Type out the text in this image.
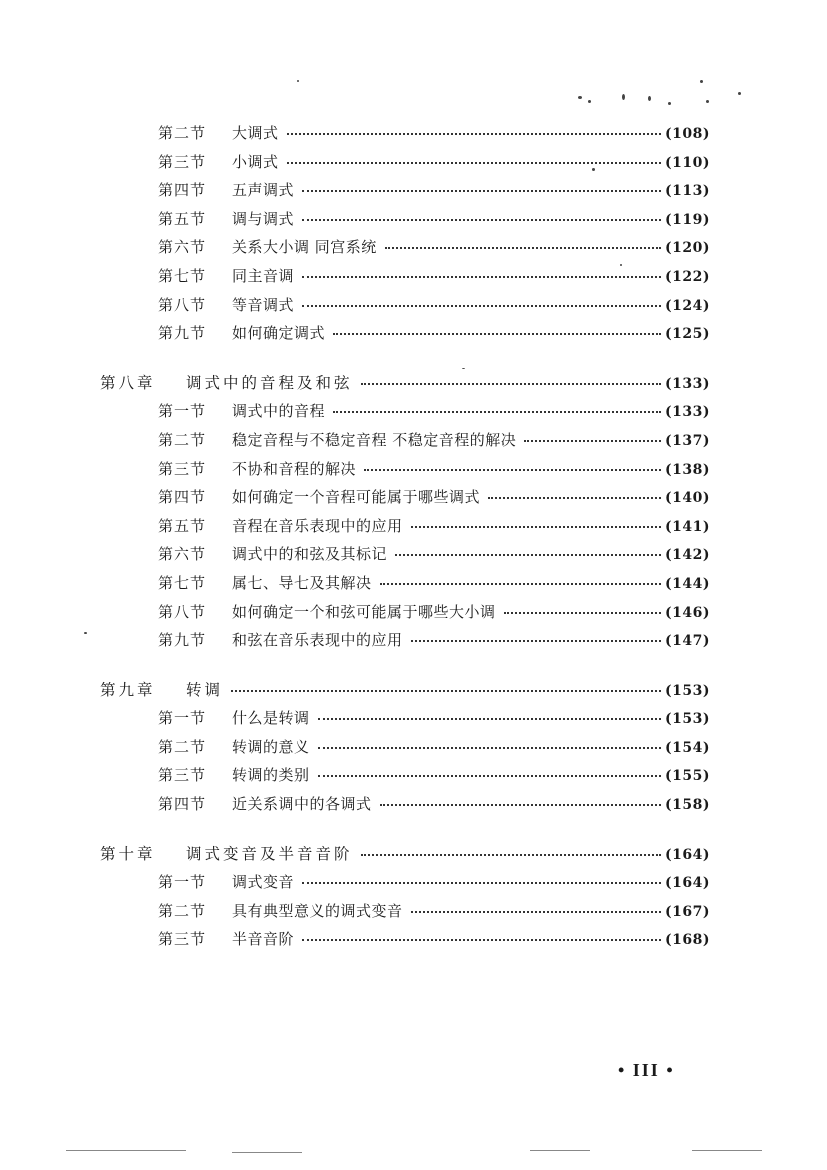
第二节	大调式	(108)
第三节	小调式	(110)
第四节	五声调式	(113)
第五节	调与调式	(119)
第六节	关系大小调 同宫系统	(120)
第七节	同主音调	(122)
第八节	等音调式	(124)
第九节	如何确定调式	(125)
第八章	调式中的音程及和弦	(133)
第一节	调式中的音程	(133)
第二节	稳定音程与不稳定音程 不稳定音程的解决	(137)
第三节	不协和音程的解决	(138)
第四节	如何确定一个音程可能属于哪些调式	(140)
第五节	音程在音乐表现中的应用	(141)
第六节	调式中的和弦及其标记	(142)
第七节	属七、导七及其解决	(144)
第八节	如何确定一个和弦可能属于哪些大小调	(146)
第九节	和弦在音乐表现中的应用	(147)
第九章	转调	(153)
第一节	什么是转调	(153)
第二节	转调的意义	(154)
第三节	转调的类别	(155)
第四节	近关系调中的各调式	(158)
第十章	调式变音及半音音阶	(164)
第一节	调式变音	(164)
第二节	具有典型意义的调式变音	(167)
第三节	半音音阶	(168)
• III •
